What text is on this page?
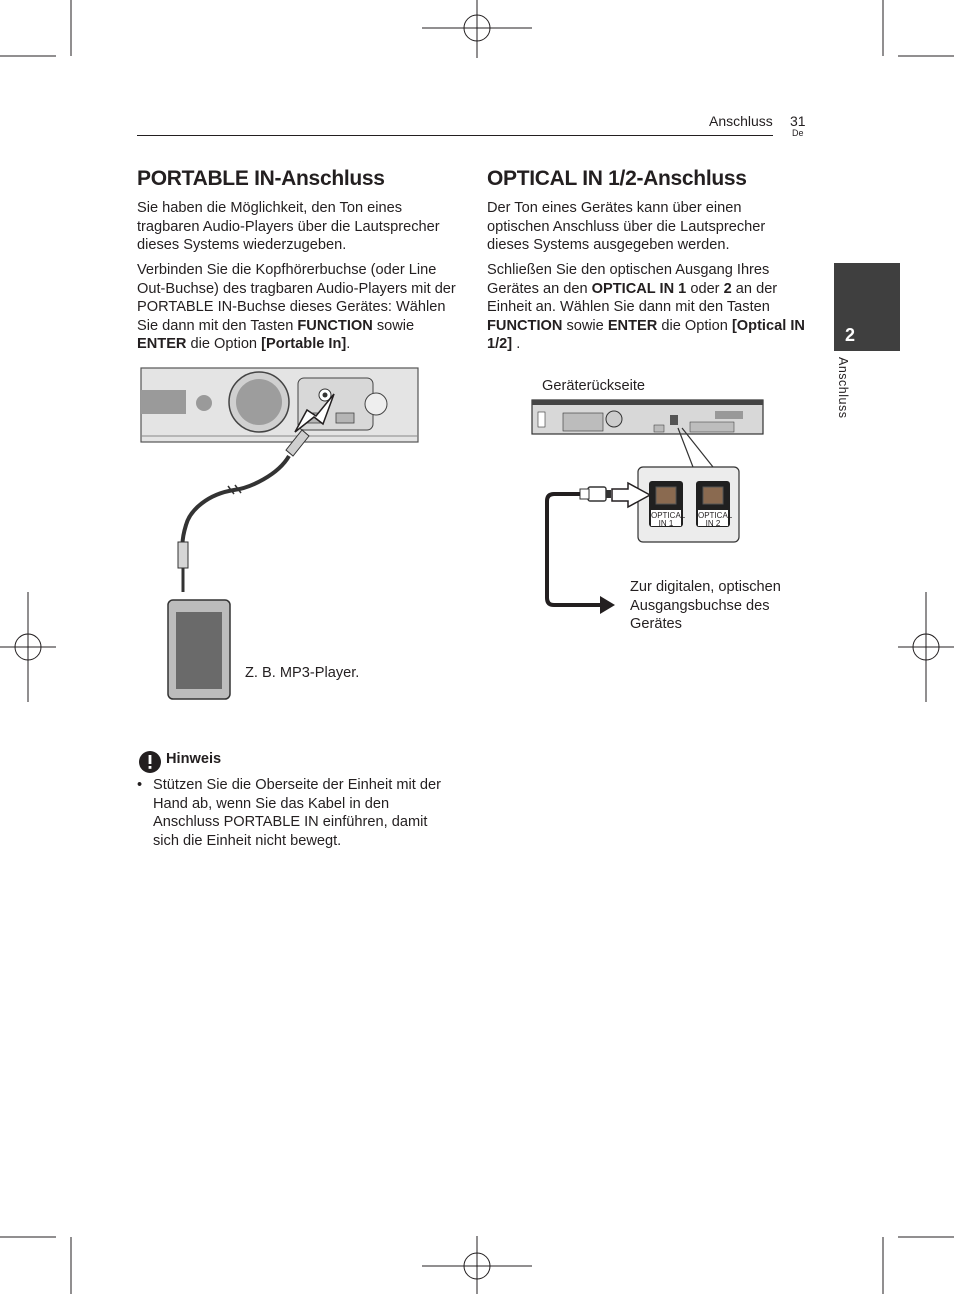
Anschluss 31
De
2
Anschluss
PORTABLE IN-Anschluss

Sie haben die Möglichkeit, den Ton eines tragbaren Audio-Players über die Lautsprecher dieses Systems wiederzugeben.

Verbinden Sie die Kopfhörerbuchse (oder Line Out-Buchse) des tragbaren Audio-Players mit der PORTABLE IN-Buchse dieses Gerätes: Wählen Sie dann mit den Tasten FUNCTION sowie ENTER die Option [Portable In].

Z. B. MP3-Player.
Hinweis
• Stützen Sie die Oberseite der Einheit mit der Hand ab, wenn Sie das Kabel in den Anschluss PORTABLE IN einführen, damit sich die Einheit nicht bewegt.
OPTICAL IN 1/2-Anschluss

Der Ton eines Gerätes kann über einen optischen Anschluss über die Lautsprecher dieses Systems ausgegeben werden.

Schließen Sie den optischen Ausgang Ihres Gerätes an den OPTICAL IN 1 oder 2 an der Einheit an. Wählen Sie dann mit den Tasten FUNCTION sowie ENTER die Option [Optical IN 1/2] .

Geräterückseite
OPTICAL
IN 1
OPTICAL
IN 2
Zur digitalen, optischen Ausgangsbuchse des Gerätes
